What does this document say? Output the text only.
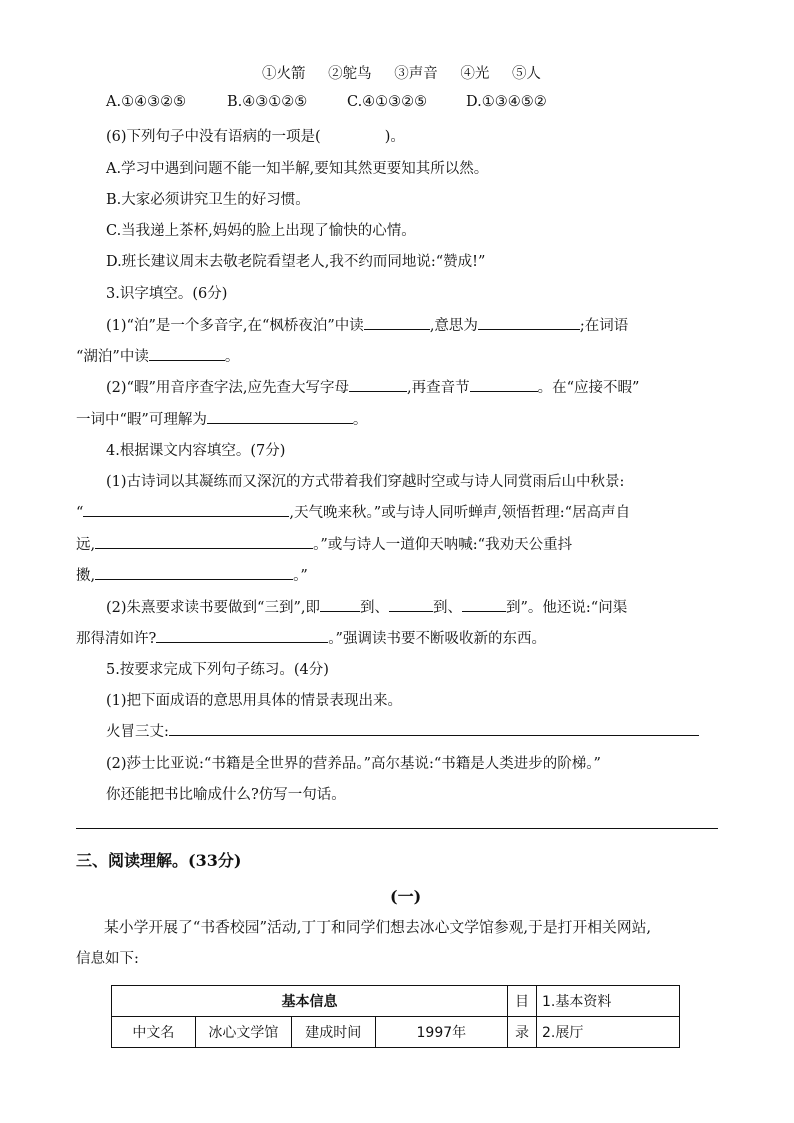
①火箭 ②鸵鸟 ③声音 ④光 ⑤人
A.①④③②⑤	B.④③①②⑤	C.④①③②⑤	D.①③④⑤②
(6)下列句子中没有语病的一项是(	)。
A.学习中遇到问题不能一知半解,要知其然更要知其所以然。
B.大家必须讲究卫生的好习惯。
C.当我递上茶杯,妈妈的脸上出现了愉快的心情。
D.班长建议周末去敬老院看望老人,我不约而同地说:“赞成!”
3.识字填空。(6分)
(1)“泊”是一个多音字,在“枫桥夜泊”中读	,意思为	;在词语
“湖泊”中读	。
(2)“暇”用音序查字法,应先查大写字母	,再查音节	。在“应接不暇”
一词中“暇”可理解为	。
4.根据课文内容填空。(7分)
(1)古诗词以其凝练而又深沉的方式带着我们穿越时空或与诗人同赏雨后山中秋景:
“	,天气晚来秋。”或与诗人同听蝉声,领悟哲理:“居高声自
远,	。”或与诗人一道仰天呐喊:“我劝天公重抖
擞,	。”
(2)朱熹要求读书要做到“三到”,即	到、	到、	到”。他还说:“问渠
那得清如许?	。”强调读书要不断吸收新的东西。
5.按要求完成下列句子练习。(4分)
(1)把下面成语的意思用具体的情景表现出来。
火冒三丈:
(2)莎士比亚说:“书籍是全世界的营养品。”高尔基说:“书籍是人类进步的阶梯。”
你还能把书比喻成什么?仿写一句话。
三、阅读理解。(33分)
(一)
某小学开展了“书香校园”活动,丁丁和同学们想去冰心文学馆参观,于是打开相关网站,
信息如下:
基本信息				目	1.基本资料
中文名	冰心文学馆	建成时间	1997年	录	2.展厅
